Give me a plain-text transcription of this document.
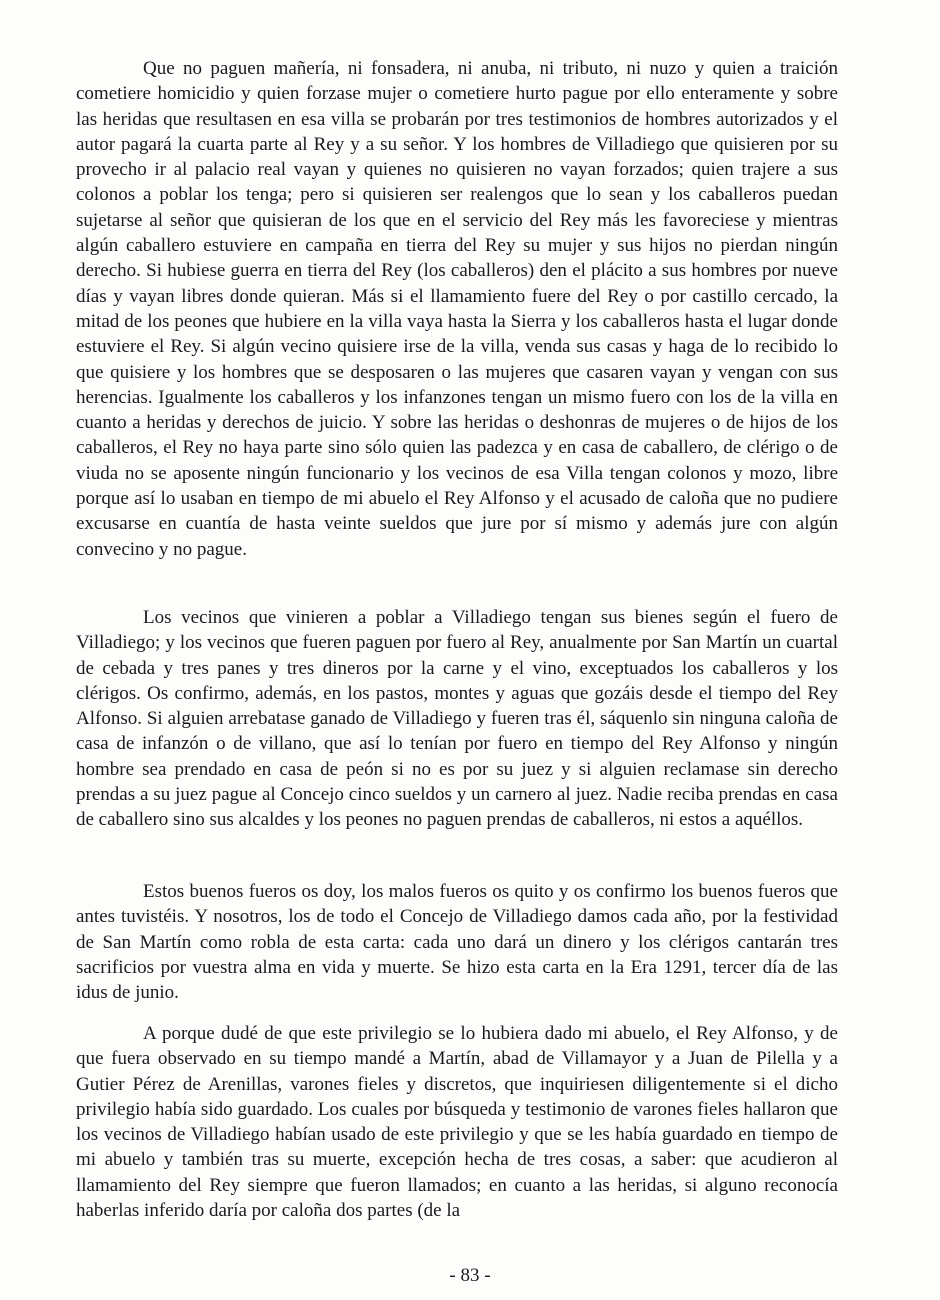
Que no paguen mañería, ni fonsadera, ni anuba, ni tributo, ni nuzo y quien a traición cometiere homicidio y quien forzase mujer o cometiere hurto pague por ello enteramente y sobre las heridas que resultasen en esa villa se probarán por tres testimonios de hombres autorizados y el autor pagará la cuarta parte al Rey y a su señor. Y los hombres de Villadiego que quisieren por su provecho ir al palacio real vayan y quienes no quisieren no vayan forzados; quien trajere a sus colonos a poblar los tenga; pero si quisieren ser realengos que lo sean y los caballeros puedan sujetarse al señor que quisieran de los que en el servicio del Rey más les favoreciese y mientras algún caballero estuviere en campaña en tierra del Rey su mujer y sus hijos no pierdan ningún derecho. Si hubiese guerra en tierra del Rey (los caballeros) den el plácito a sus hombres por nueve días y vayan libres donde quieran. Más si el llamamiento fuere del Rey o por castillo cercado, la mitad de los peones que hubiere en la villa vaya hasta la Sierra y los caballeros hasta el lugar donde estuviere el Rey. Si algún vecino quisiere irse de la villa, venda sus casas y haga de lo recibido lo que quisiere y los hombres que se desposaren o las mujeres que casaren vayan y vengan con sus herencias. Igualmente los caballeros y los infanzones tengan un mismo fuero con los de la villa en cuanto a heridas y derechos de juicio. Y sobre las heridas o deshonras de mujeres o de hijos de los caballeros, el Rey no haya parte sino sólo quien las padezca y en casa de caballero, de clérigo o de viuda no se aposente ningún funcionario y los vecinos de esa Villa tengan colonos y mozo, libre porque así lo usaban en tiempo de mi abuelo el Rey Alfonso y el acusado de caloña que no pudiere excusarse en cuantía de hasta veinte sueldos que jure por sí mismo y además jure con algún convecino y no pague.

Los vecinos que vinieren a poblar a Villadiego tengan sus bienes según el fuero de Villadiego; y los vecinos que fueren paguen por fuero al Rey, anualmente por San Martín un cuartal de cebada y tres panes y tres dineros por la carne y el vino, exceptuados los caballeros y los clérigos. Os confirmo, además, en los pastos, montes y aguas que gozáis desde el tiempo del Rey Alfonso. Si alguien arrebatase ganado de Villadiego y fueren tras él, sáquenlo sin ninguna caloña de casa de infanzón o de villano, que así lo tenían por fuero en tiempo del Rey Alfonso y ningún hombre sea prendado en casa de peón si no es por su juez y si alguien reclamase sin derecho prendas a su juez pague al Concejo cinco sueldos y un carnero al juez. Nadie reciba prendas en casa de caballero sino sus alcaldes y los peones no paguen prendas de caballeros, ni estos a aquéllos.

Estos buenos fueros os doy, los malos fueros os quito y os confirmo los buenos fueros que antes tuvistéis. Y nosotros, los de todo el Concejo de Villadiego damos cada año, por la festividad de San Martín como robla de esta carta: cada uno dará un dinero y los clérigos cantarán tres sacrificios por vuestra alma en vida y muerte. Se hizo esta carta en la Era 1291, tercer día de las idus de junio.

A porque dudé de que este privilegio se lo hubiera dado mi abuelo, el Rey Alfonso, y de que fuera observado en su tiempo mandé a Martín, abad de Villamayor y a Juan de Pilella y a Gutier Pérez de Arenillas, varones fieles y discretos, que inquiriesen diligentemente si el dicho privilegio había sido guardado. Los cuales por búsqueda y testimonio de varones fieles hallaron que los vecinos de Villadiego habían usado de este privilegio y que se les había guardado en tiempo de mi abuelo y también tras su muerte, excepción hecha de tres cosas, a saber: que acudieron al llamamiento del Rey siempre que fueron llamados; en cuanto a las heridas, si alguno reconocía haberlas inferido daría por caloña dos partes (de la

- 83 -
